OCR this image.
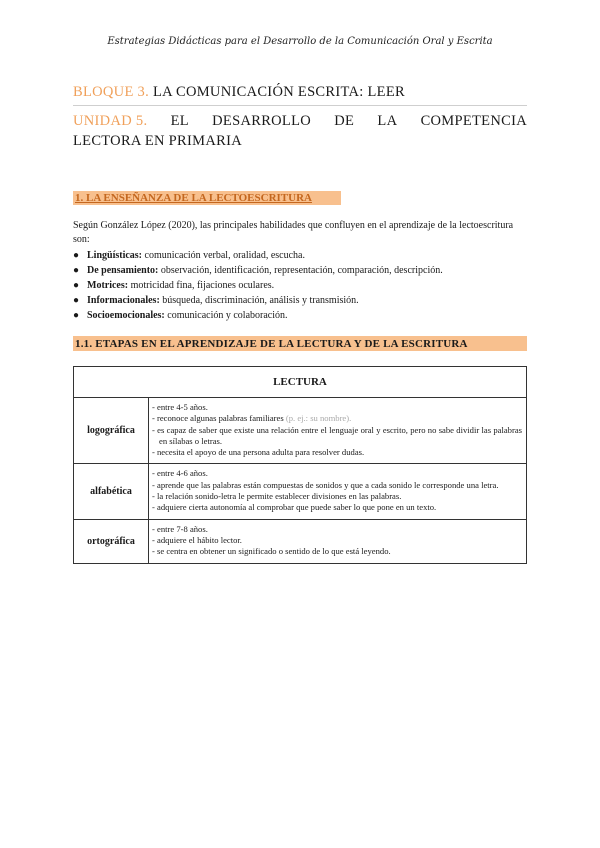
Estrategias Didácticas para el Desarrollo de la Comunicación Oral y Escrita
BLOQUE 3. LA COMUNICACIÓN ESCRITA: LEER
UNIDAD 5. EL DESARROLLO DE LA COMPETENCIA
LECTORA EN PRIMARIA
1. LA ENSEÑANZA DE LA LECTOESCRITURA
Según González López (2020), las principales habilidades que confluyen en el aprendizaje de la lectoescritura son:
● Lingüísticas: comunicación verbal, oralidad, escucha.
● De pensamiento: observación, identificación, representación, comparación, descripción.
● Motrices: motricidad fina, fijaciones oculares.
● Informacionales: búsqueda, discriminación, análisis y transmisión.
● Socioemocionales: comunicación y colaboración.
1.1. ETAPAS EN EL APRENDIZAJE DE LA LECTURA Y DE LA ESCRITURA
LECTURA	
logográfica	- entre 4-5 años.
- reconoce algunas palabras familiares (p. ej.: su nombre).
- es capaz de saber que existe una relación entre el lenguaje oral y escrito, pero no sabe dividir las palabras en sílabas o letras.
- necesita el apoyo de una persona adulta para resolver dudas.

alfabética	- entre 4-6 años.
- aprende que las palabras están compuestas de sonidos y que a cada sonido le corresponde una letra.
- la relación sonido-letra le permite establecer divisiones en las palabras.
- adquiere cierta autonomía al comprobar que puede saber lo que pone en un texto.

ortográfica	- entre 7-8 años.
- adquiere el hábito lector.
- se centra en obtener un significado o sentido de lo que está leyendo.
